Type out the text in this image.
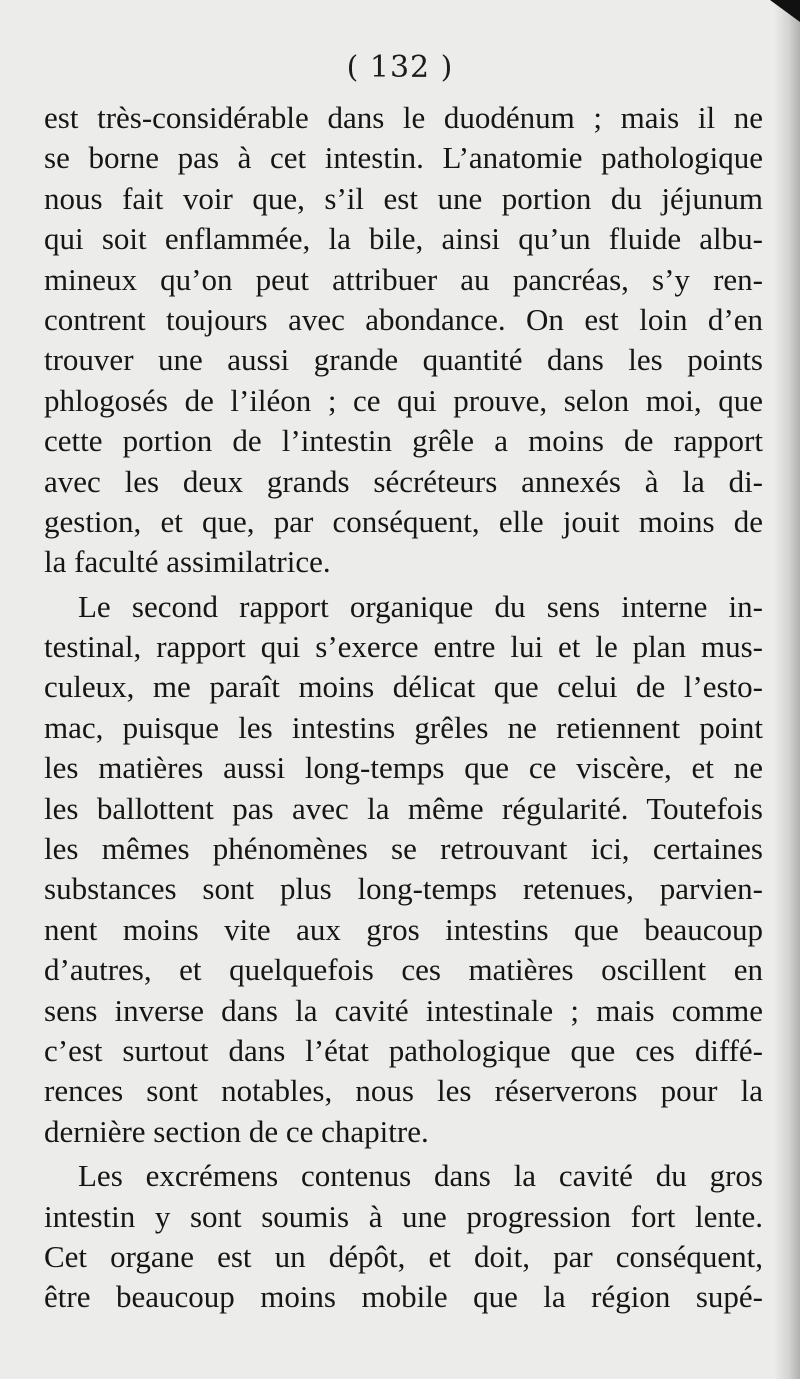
( 132 )
est très-considérable dans le duodénum ; mais il ne
se borne pas à cet intestin. L’anatomie pathologique
nous fait voir que, s’il est une portion du jéjunum
qui soit enflammée, la bile, ainsi qu’un fluide albu-
mineux qu’on peut attribuer au pancréas, s’y ren-
contrent toujours avec abondance. On est loin d’en
trouver une aussi grande quantité dans les points
phlogosés de l’iléon ; ce qui prouve, selon moi, que
cette portion de l’intestin grêle a moins de rapport
avec les deux grands sécréteurs annexés à la di-
gestion, et que, par conséquent, elle jouit moins de
la faculté assimilatrice.
Le second rapport organique du sens interne in-
testinal, rapport qui s’exerce entre lui et le plan mus-
culeux, me paraît moins délicat que celui de l’esto-
mac, puisque les intestins grêles ne retiennent point
les matières aussi long-temps que ce viscère, et ne
les ballottent pas avec la même régularité. Toutefois
les mêmes phénomènes se retrouvant ici, certaines
substances sont plus long-temps retenues, parvien-
nent moins vite aux gros intestins que beaucoup
d’autres, et quelquefois ces matières oscillent en
sens inverse dans la cavité intestinale ; mais comme
c’est surtout dans l’état pathologique que ces diffé-
rences sont notables, nous les réserverons pour la
dernière section de ce chapitre.
Les excrémens contenus dans la cavité du gros
intestin y sont soumis à une progression fort lente.
Cet organe est un dépôt, et doit, par conséquent,
être beaucoup moins mobile que la région supé-
